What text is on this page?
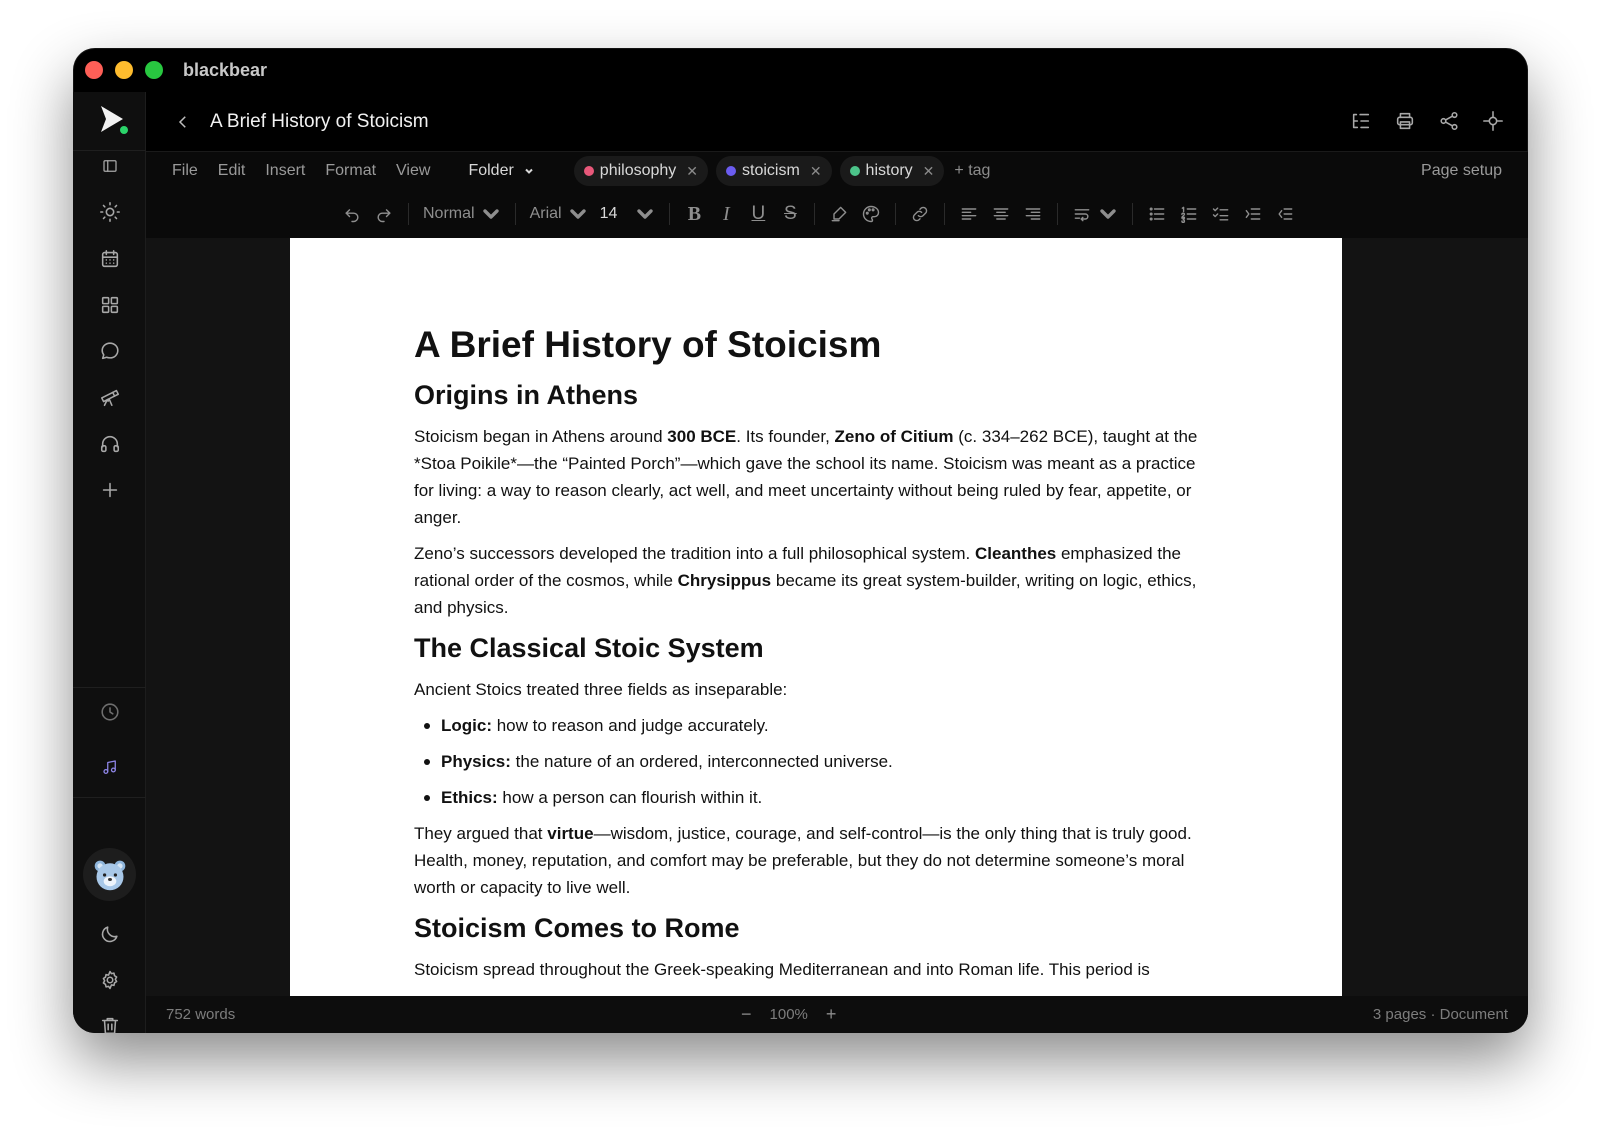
blackbear
A Brief History of Stoicism
File Edit Insert Format View Folder	philosophy ✕	stoicism ✕	history ✕ + tag	Page setup
Normal	Arial 14	B	I	U S
A Brief History of Stoicism
Origins in Athens

Stoicism began in Athens around 300 BCE. Its founder, Zeno of Citium (c. 334–262 BCE), taught at the *Stoa Poikile*—the “Painted Porch”—which gave the school its name. Stoicism was meant as a practice for living: a way to reason clearly, act well, and meet uncertainty without being ruled by fear, appetite, or anger.

Zeno’s successors developed the tradition into a full philosophical system. Cleanthes emphasized the rational order of the cosmos, while Chrysippus became its great system-builder, writing on logic, ethics, and physics.

The Classical Stoic System

Ancient Stoics treated three fields as inseparable:

Logic: how to reason and judge accurately.
Physics: the nature of an ordered, interconnected universe.
Ethics: how a person can flourish within it.

They argued that virtue—wisdom, justice, courage, and self-control—is the only thing that is truly good. Health, money, reputation, and comfort may be preferable, but they do not determine someone’s moral worth or capacity to live well.

Stoicism Comes to Rome

Stoicism spread throughout the Greek-speaking Mediterranean and into Roman life. This period is

752 words	− 100% +	3 pages · Document
